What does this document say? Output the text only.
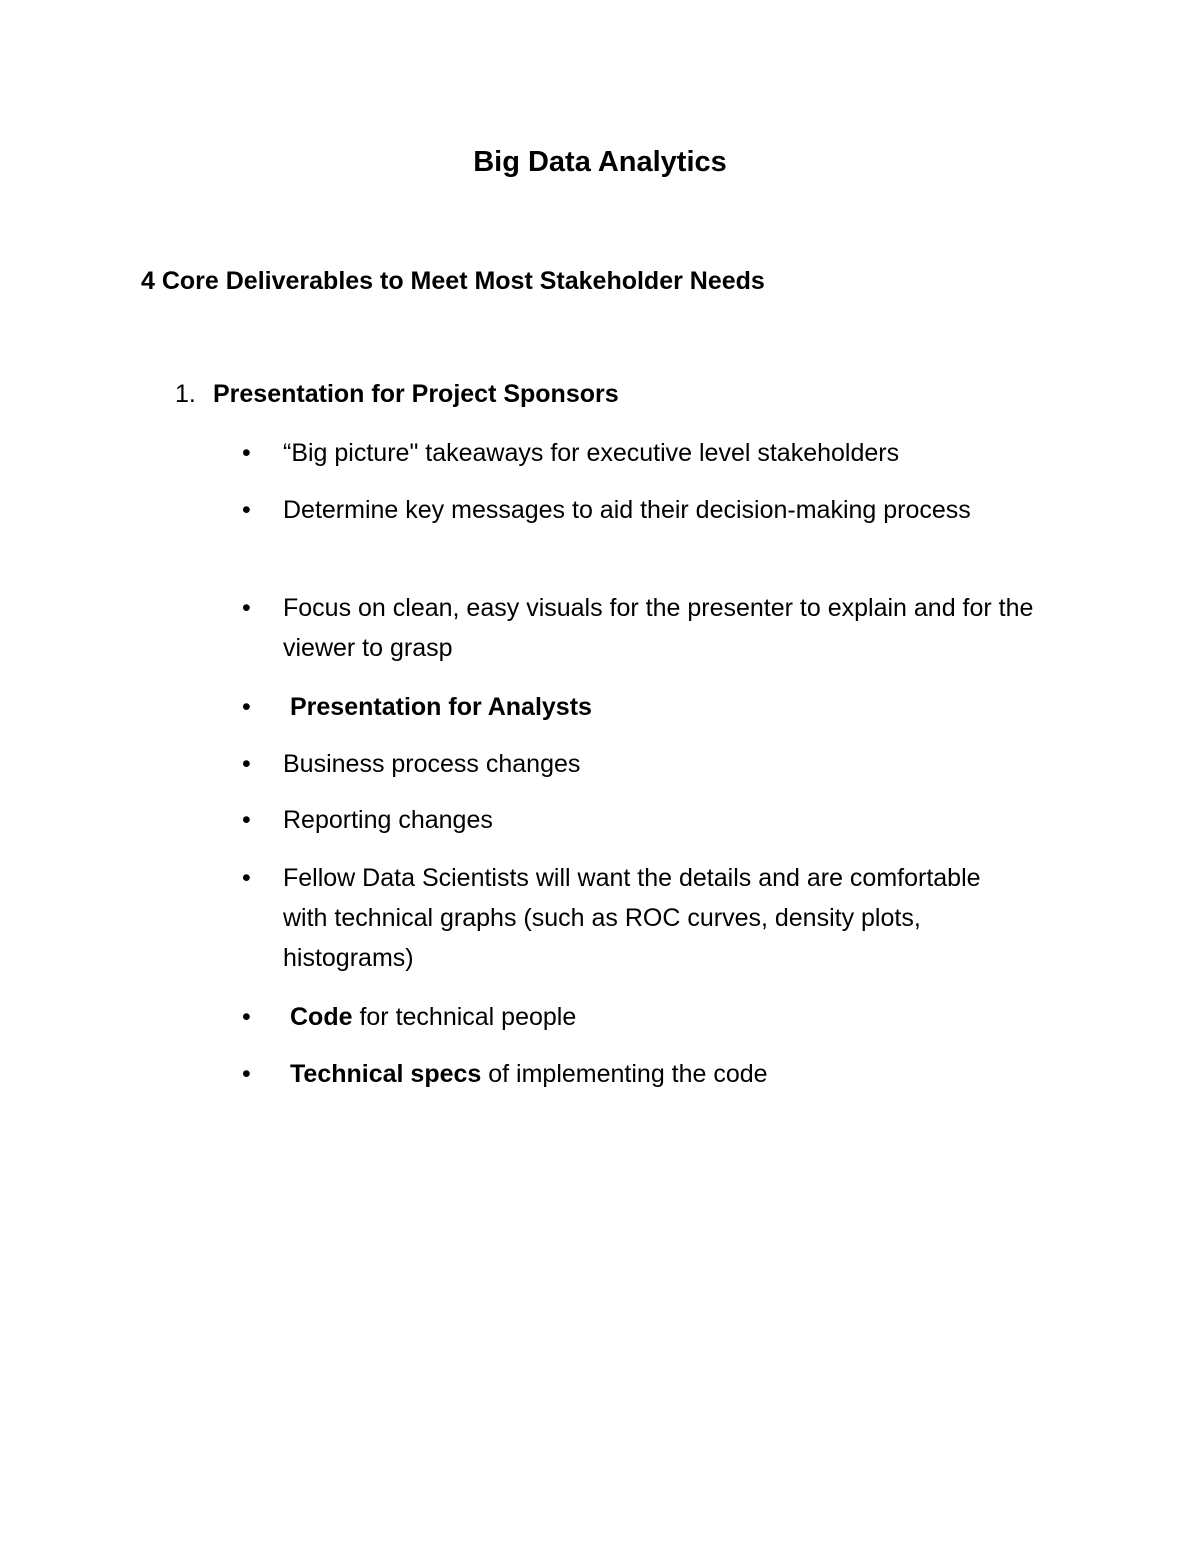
Big Data Analytics
4 Core Deliverables to Meet Most Stakeholder Needs
1. Presentation for Project Sponsors
•	“Big picture" takeaways for executive level stakeholders
•	Determine key messages to aid their decision-making process
•	Focus on clean, easy visuals for the presenter to explain and for the viewer to grasp
•	Presentation for Analysts
•	Business process changes
•	Reporting changes
•	Fellow Data Scientists will want the details and are comfortable with technical graphs (such as ROC curves, density plots, histograms)
•	Code for technical people
•	Technical specs of implementing the code
